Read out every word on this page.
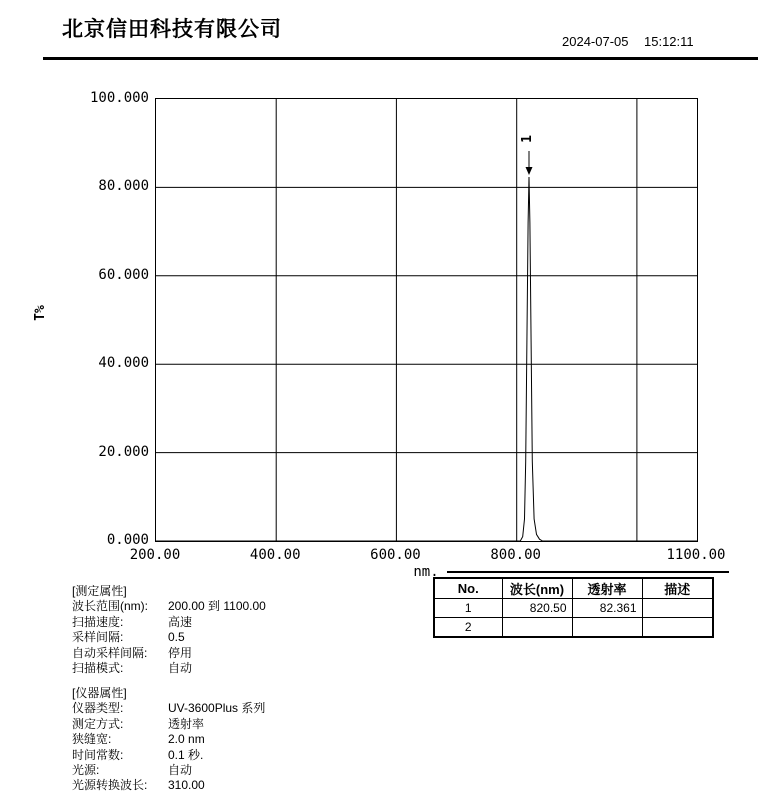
北京信田科技有限公司
2024-07-05 15:12:11
T%
nm.
No.	波长(nm)	透射率	描述
1	820.50	82.361	
2			
[测定属性]
波长范围(nm): 200.00 到 1100.00
扫描速度:	高速
采样间隔:	0.5
自动采样间隔: 停用
扫描模式:	自动
[仪器属性]
仪器类型:	UV-3600Plus 系列
测定方式:	透射率
狭缝宽:	2.0 nm
时间常数:	0.1 秒.
光源:	自动
光源转换波长: 310.00
200.00	400.00	600.00	800.00	1100.00
0.000
20.000
40.000
60.000
80.000
100.000
1
